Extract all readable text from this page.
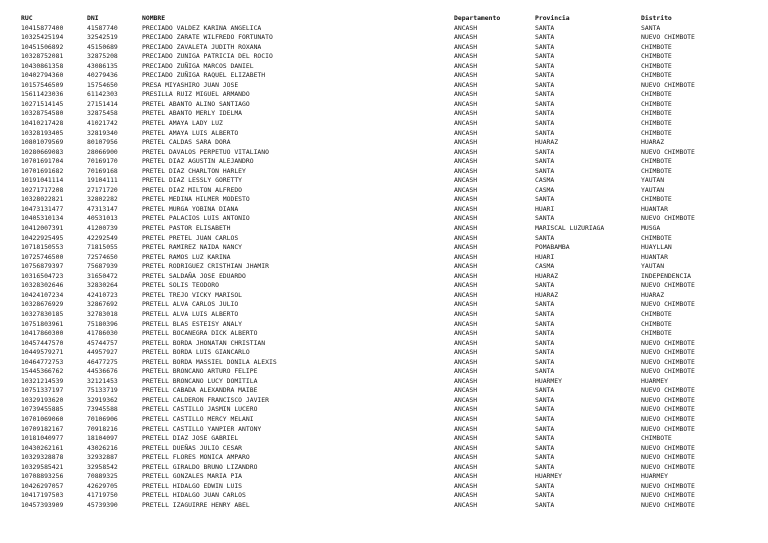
RUC	DNI	NOMBRE	Departamento	Provincia	Distrito
10415877400	41587740	PRECIADO VALDEZ KARINA ANGELICA	ANCASH	SANTA	SANTA
10325425194	32542519	PRECIADO ZARATE WILFREDO FORTUNATO	ANCASH	SANTA	NUEVO CHIMBOTE
10451506892	45150689	PRECIADO ZAVALETA JUDITH ROXANA	ANCASH	SANTA	CHIMBOTE
10328752081	32875208	PRECIADO ZUNIGA PATRICIA DEL ROCIO	ANCASH	SANTA	CHIMBOTE
10430861358	43086135	PRECIADO ZUÑIGA MARCOS DANIEL	ANCASH	SANTA	CHIMBOTE
10402794360	40279436	PRECIADO ZUÑIGA RAQUEL ELIZABETH	ANCASH	SANTA	CHIMBOTE
10157546509	15754650	PRESA MIYASHIRO JUAN JOSE	ANCASH	SANTA	NUEVO CHIMBOTE
15611423036	61142303	PRESILLA RUIZ MIGUEL ARMANDO	ANCASH	SANTA	CHIMBOTE
10271514145	27151414	PRETEL ABANTO ALINO SANTIAGO	ANCASH	SANTA	CHIMBOTE
10328754580	32875458	PRETEL ABANTO MERLY IDELMA	ANCASH	SANTA	CHIMBOTE
10410217428	41021742	PRETEL AMAYA LADY LUZ	ANCASH	SANTA	CHIMBOTE
10328193405	32819340	PRETEL AMAYA LUIS ALBERTO	ANCASH	SANTA	CHIMBOTE
10801079569	80107956	PRETEL CALDAS SARA DORA	ANCASH	HUARAZ	HUARAZ
10280669083	28066900	PRETEL DAVALOS PERPETUO VITALIANO	ANCASH	SANTA	NUEVO CHIMBOTE
10701691704	70169170	PRETEL DIAZ AGUSTIN ALEJANDRO	ANCASH	SANTA	CHIMBOTE
10701691682	70169168	PRETEL DIAZ CHARLTON HARLEY	ANCASH	SANTA	CHIMBOTE
10191041114	19104111	PRETEL DIAZ LESSLY GORETTY	ANCASH	CASMA	YAUTAN
10271717208	27171720	PRETEL DIAZ MILTON ALFREDO	ANCASH	CASMA	YAUTAN
10328022821	32802282	PRETEL MEDINA HILMER MODESTO	ANCASH	SANTA	CHIMBOTE
10473131477	47313147	PRETEL MURGA YOBINA DIANA	ANCASH	HUARI	HUANTAR
10405310134	40531013	PRETEL PALACIOS LUIS ANTONIO	ANCASH	SANTA	NUEVO CHIMBOTE
10412007391	41200739	PRETEL PASTOR ELISABETH	ANCASH	MARISCAL LUZURIAGA	MUSGA
10422925495	42292549	PRETEL PRETEL JUAN CARLOS	ANCASH	SANTA	CHIMBOTE
10718150553	71815055	PRETEL RAMIREZ NAIDA NANCY	ANCASH	POMABAMBA	HUAYLLAN
10725746500	72574650	PRETEL RAMOS LUZ KARINA	ANCASH	HUARI	HUANTAR
10756879397	75687939	PRETEL RODRIGUEZ CRISTHIAN JHAMIR	ANCASH	CASMA	YAUTAN
10316504723	31650472	PRETEL SALDAÑA JOSE EDUARDO	ANCASH	HUARAZ	INDEPENDENCIA
10328302646	32830264	PRETEL SOLIS TEODORO	ANCASH	SANTA	NUEVO CHIMBOTE
10424107234	42410723	PRETEL TREJO VICKY MARISOL	ANCASH	HUARAZ	HUARAZ
10328676929	32867692	PRETELL ALVA CARLOS JULIO	ANCASH	SANTA	NUEVO CHIMBOTE
10327830185	32783018	PRETELL ALVA LUIS ALBERTO	ANCASH	SANTA	CHIMBOTE
10751803961	75180396	PRETELL BLAS ESTEISY ANALY	ANCASH	SANTA	CHIMBOTE
10417860300	41786030	PRETELL BOCANEGRA DICK ALBERTO	ANCASH	SANTA	CHIMBOTE
10457447570	45744757	PRETELL BORDA JHONATAN CHRISTIAN	ANCASH	SANTA	NUEVO CHIMBOTE
10449579271	44957927	PRETELL BORDA LUIS GIANCARLO	ANCASH	SANTA	NUEVO CHIMBOTE
10464772753	46477275	PRETELL BORDA MASSIEL DONILA ALEXIS	ANCASH	SANTA	NUEVO CHIMBOTE
15445366762	44536676	PRETELL BRONCANO ARTURO FELIPE	ANCASH	SANTA	NUEVO CHIMBOTE
10321214539	32121453	PRETELL BRONCANO LUCY DOMITILA	ANCASH	HUARMEY	HUARMEY
10751337197	75133719	PRETELL CABADA ALEXANDRA MAIBE	ANCASH	SANTA	NUEVO CHIMBOTE
10329193620	32919362	PRETELL CALDERON FRANCISCO JAVIER	ANCASH	SANTA	NUEVO CHIMBOTE
10739455885	73945588	PRETELL CASTILLO JASMIN LUCERO	ANCASH	SANTA	NUEVO CHIMBOTE
10701069060	70106906	PRETELL CASTILLO MERCY MELANI	ANCASH	SANTA	NUEVO CHIMBOTE
10709182167	70918216	PRETELL CASTILLO YANPIER ANTONY	ANCASH	SANTA	NUEVO CHIMBOTE
10181040977	18104097	PRETELL DIAZ JOSE GABRIEL	ANCASH	SANTA	CHIMBOTE
10430262161	43026216	PRETELL DUEÑAS JULIO CESAR	ANCASH	SANTA	NUEVO CHIMBOTE
10329328878	32932887	PRETELL FLORES MONICA AMPARO	ANCASH	SANTA	NUEVO CHIMBOTE
10329585421	32958542	PRETELL GIRALDO BRUNO LIZANDRO	ANCASH	SANTA	NUEVO CHIMBOTE
10708893256	70889325	PRETELL GONZALES MARIA PIA	ANCASH	HUARMEY	HUARMEY
10426297057	42629705	PRETELL HIDALGO EDWIN LUIS	ANCASH	SANTA	NUEVO CHIMBOTE
10417197503	41719750	PRETELL HIDALGO JUAN CARLOS	ANCASH	SANTA	NUEVO CHIMBOTE
10457393909	45739390	PRETELL IZAGUIRRE HENRY ABEL	ANCASH	SANTA	NUEVO CHIMBOTE
